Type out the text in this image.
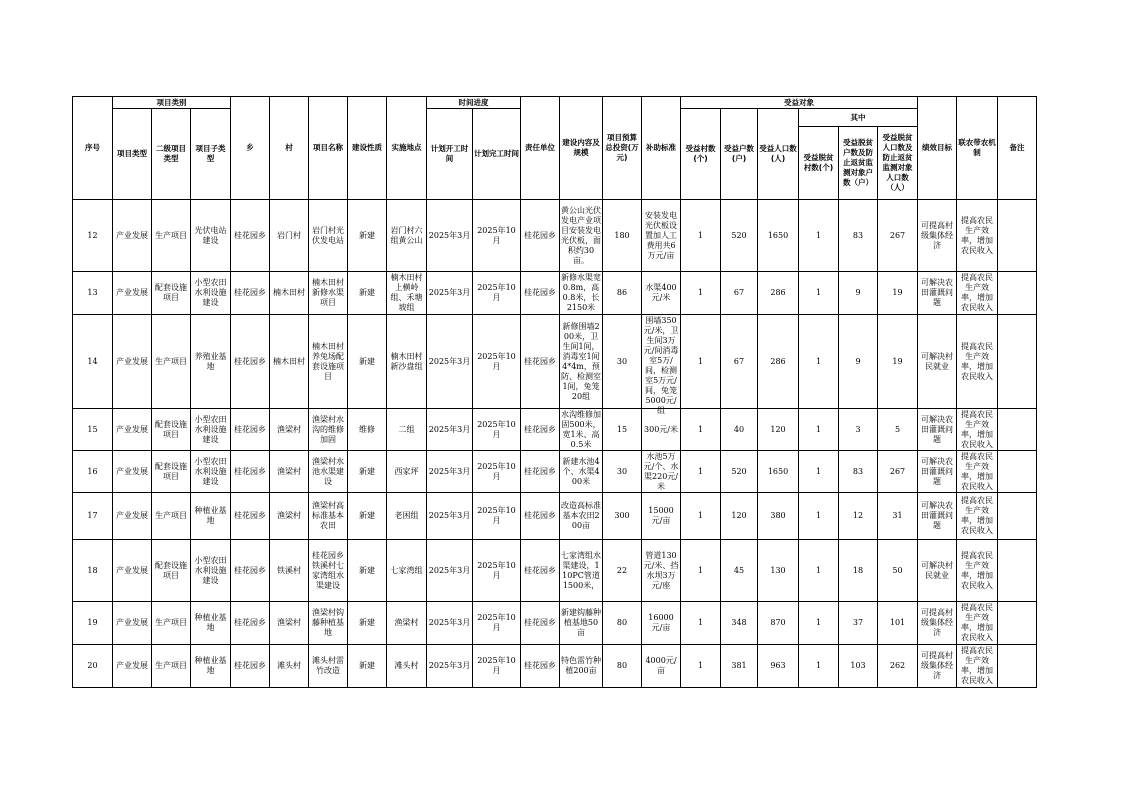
序号	项目类别			乡	村	项目名称	建设性质	实施地点	时间进度		责任单位	建设内容及规模	项目预算总投资(万元)	补助标准	受益对象						绩效目标	联农带农机制	备注
	项目类型	二级项目类型	项目子类型						计划开工时间	计划完工时间					受益村数(个)	受益户数(户)	受益人口数(人)	其中					
																		受益脱贫村数(个)	受益脱贫户数及防止返贫监测对象户数（户）	受益脱贫人口数及防止返贫监测对象人口数（人）			

12	产业发展	生产项目	光伏电站建设	桂花园乡	岩门村	岩门村光伏发电站	新建	岩门村六组黄公山	2025年3月	2025年10月	桂花园乡	黄公山光伏发电产业项目安装发电光伏板，面积约30亩。	180	安装发电光伏板设置加人工费用共6万元/亩	1	520	1650	1	83	267	可提高村级集体经济	提高农民生产效率，增加农民收入	

13	产业发展	配套设施项目	小型农田水利设施建设	桂花园乡	楠木田村	楠木田村新修水渠项目	新建	楠木田村上横岭组、禾塘坡组	2025年3月	2025年10月	桂花园乡	新修水渠宽0.8m，高0.8米，长2150米	86	水渠400元/米	1	67	286	1	9	19	可解决农田灌溉问题	提高农民生产效率，增加农民收入	

14	产业发展	生产项目	养殖业基地	桂花园乡	楠木田村	楠木田村养兔场配套设施项目	新建	楠木田村新沙盘组	2025年3月	2025年10月	桂花园乡	新修围墙200米，卫生间1间，消毒室1间4*4m，预防、检测室1间，兔笼20组	30	围墙350元/米，卫生间3万元/间消毒室5万/间，检测室5万元/间，兔笼5000元/组	1	67	286	1	9	19	可解决村民就业	提高农民生产效率，增加农民收入	

15	产业发展	配套设施项目	小型农田水利设施建设	桂花园乡	渔梁村	渔梁村水沟的维修加固	维修	二组	2025年3月	2025年10月	桂花园乡	水沟维修加固500米，宽1米、高0.5米	15	300元/米	1	40	120	1	3	5	可解决农田灌溉问题	提高农民生产效率，增加农民收入	

16	产业发展	配套设施项目	小型农田水利设施建设	桂花园乡	渔梁村	渔梁村水池水渠建设	新建	西家坪	2025年3月	2025年10月	桂花园乡	新建水池4个、水渠400米	30	水池5万元/个、水渠220元/米	1	520	1650	1	83	267	可解决农田灌溉问题	提高农民生产效率，增加农民收入	

17	产业发展	生产项目	种植业基地	桂花园乡	渔梁村	渔梁村高标准基本农田	新建	老困组	2025年3月	2025年10月	桂花园乡	改造高标准基本农田200亩	300	15000元/亩	1	120	380	1	12	31	可解决农田灌溉问题	提高农民生产效率，增加农民收入	

18	产业发展	配套设施项目	小型农田水利设施建设	桂花园乡	铁溪村	桂花园乡铁溪村七家湾组水渠建设	新建	七家湾组	2025年3月	2025年10月	桂花园乡	七家湾组水渠建设，110PC管道1500米，	22	管道130元/米、挡水坝3万元/座	1	45	130	1	18	50	可解决村民就业	提高农民生产效率，增加农民收入	

19	产业发展	生产项目	种植业基地	桂花园乡	渔梁村	渔梁村钩藤种植基地	新建	渔梁村	2025年3月	2025年10月	桂花园乡	新建钩藤种植基地50亩	80	16000元/亩	1	348	870	1	37	101	可提高村级集体经济	提高农民生产效率，增加农民收入	

20	产业发展	生产项目	种植业基地	桂花园乡	滩头村	滩头村雷竹改造	新建	滩头村	2025年3月	2025年10月	桂花园乡	特色雷竹种植200亩	80	4000元/亩	1	381	963	1	103	262	可提高村级集体经济	提高农民生产效率，增加农民收入	
